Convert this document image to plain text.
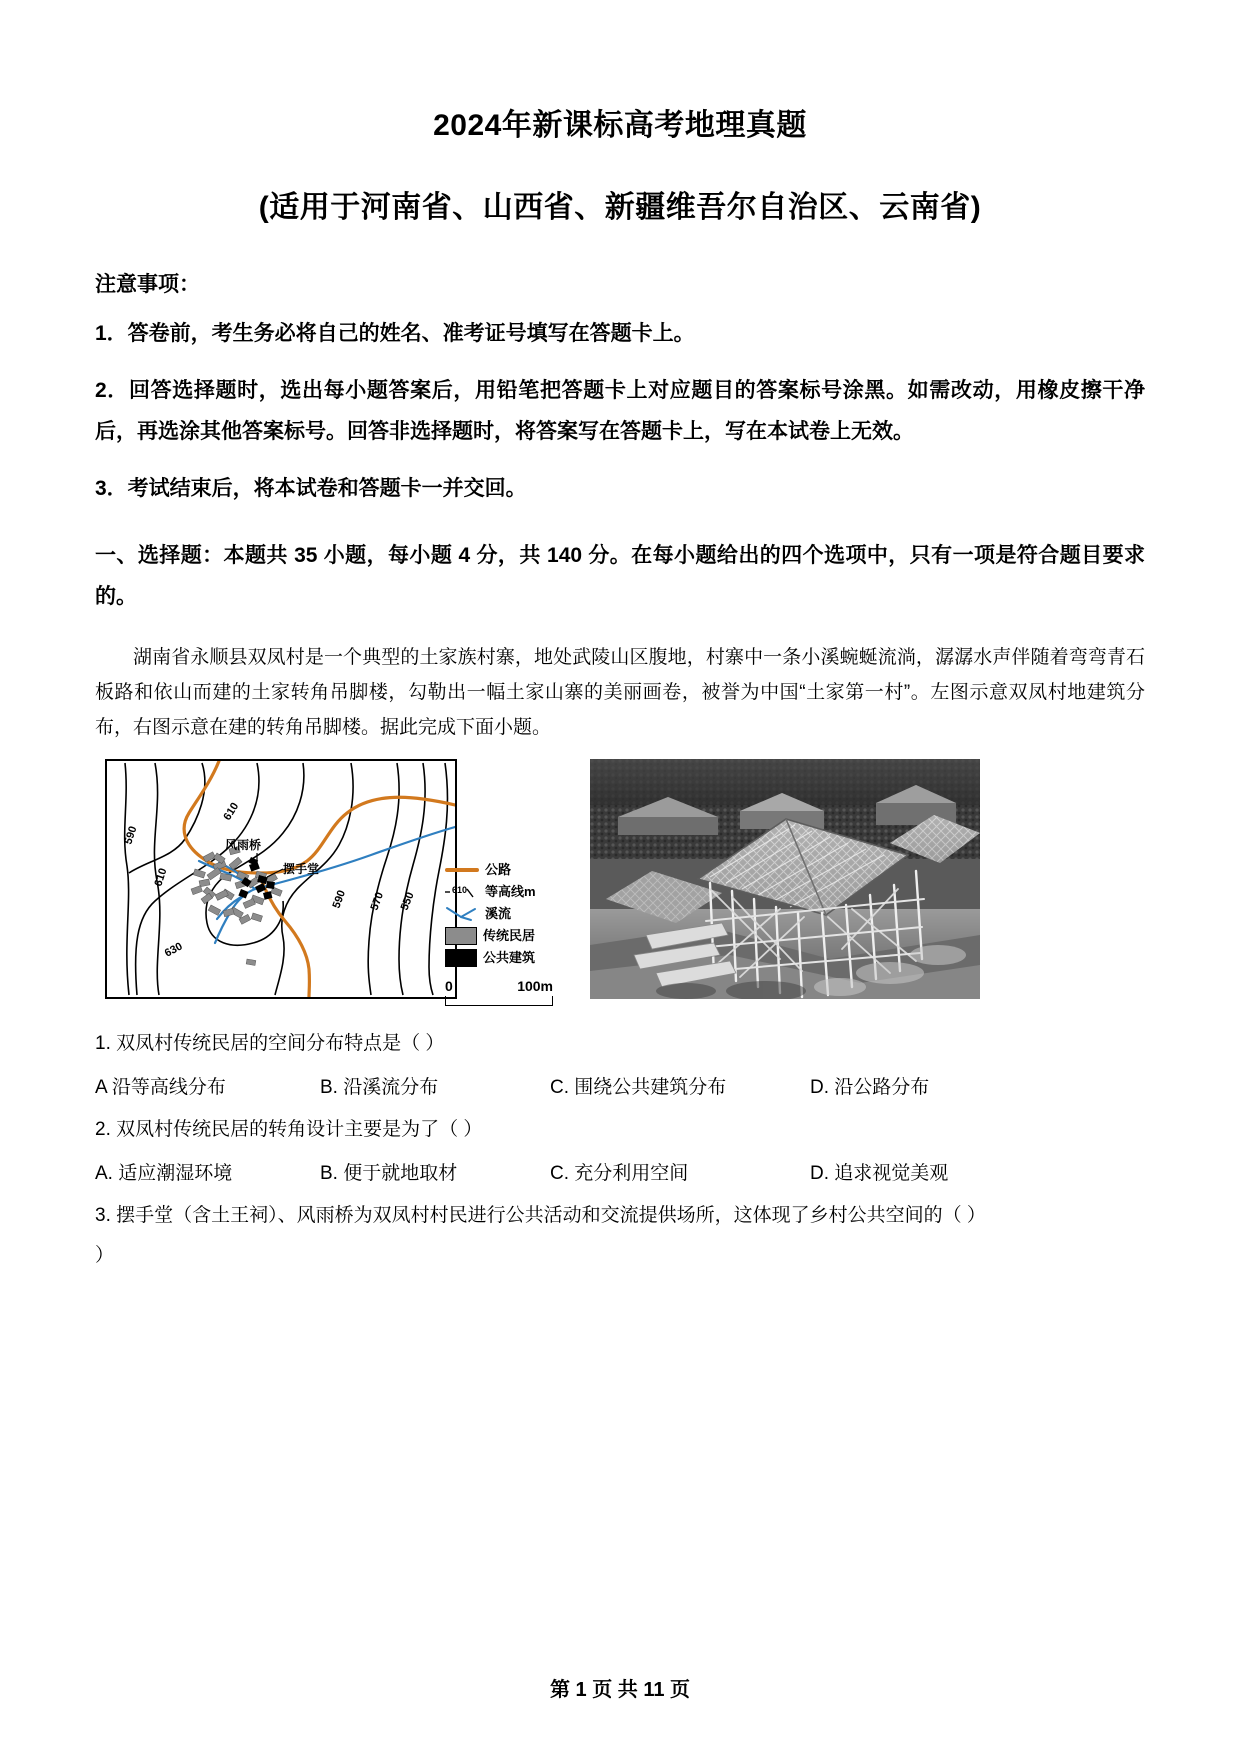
2024年新课标高考地理真题
(适用于河南省、山西省、新疆维吾尔自治区、云南省)
注意事项：
1．答卷前，考生务必将自己的姓名、准考证号填写在答题卡上。
2．回答选择题时，选出每小题答案后，用铅笔把答题卡上对应题目的答案标号涂黑。如需改动，用橡皮擦干净后，再选涂其他答案标号。回答非选择题时，将答案写在答题卡上，写在本试卷上无效。
3．考试结束后，将本试卷和答题卡一并交回。
一、选择题：本题共 35 小题，每小题 4 分，共 140 分。在每小题给出的四个选项中，只有一项是符合题目要求的。
湖南省永顺县双凤村是一个典型的土家族村寨，地处武陵山区腹地，村寨中一条小溪蜿蜒流淌，潺潺水声伴随着弯弯青石板路和依山而建的土家转角吊脚楼，勾勒出一幅土家山寨的美丽画卷，被誉为中国“土家第一村”。左图示意双凤村地建筑分布，右图示意在建的转角吊脚楼。据此完成下面小题。
590
610
610
630
590 570 550
风雨桥
摆手堂	公路
610 等高线m
溪流
传统民居
公共建筑
0	100m
1. 双凤村传统民居的空间分布特点是（ ）
A 沿等高线分布	B. 沿溪流分布	C. 围绕公共建筑分布	D. 沿公路分布
2. 双凤村传统民居的转角设计主要是为了（ ）
A. 适应潮湿环境	B. 便于就地取材	C. 充分利用空间	D. 追求视觉美观
3. 摆手堂（含土王祠）、风雨桥为双凤村村民进行公共活动和交流提供场所，这体现了乡村公共空间的（ ）
）
第 1 页 共 11 页
